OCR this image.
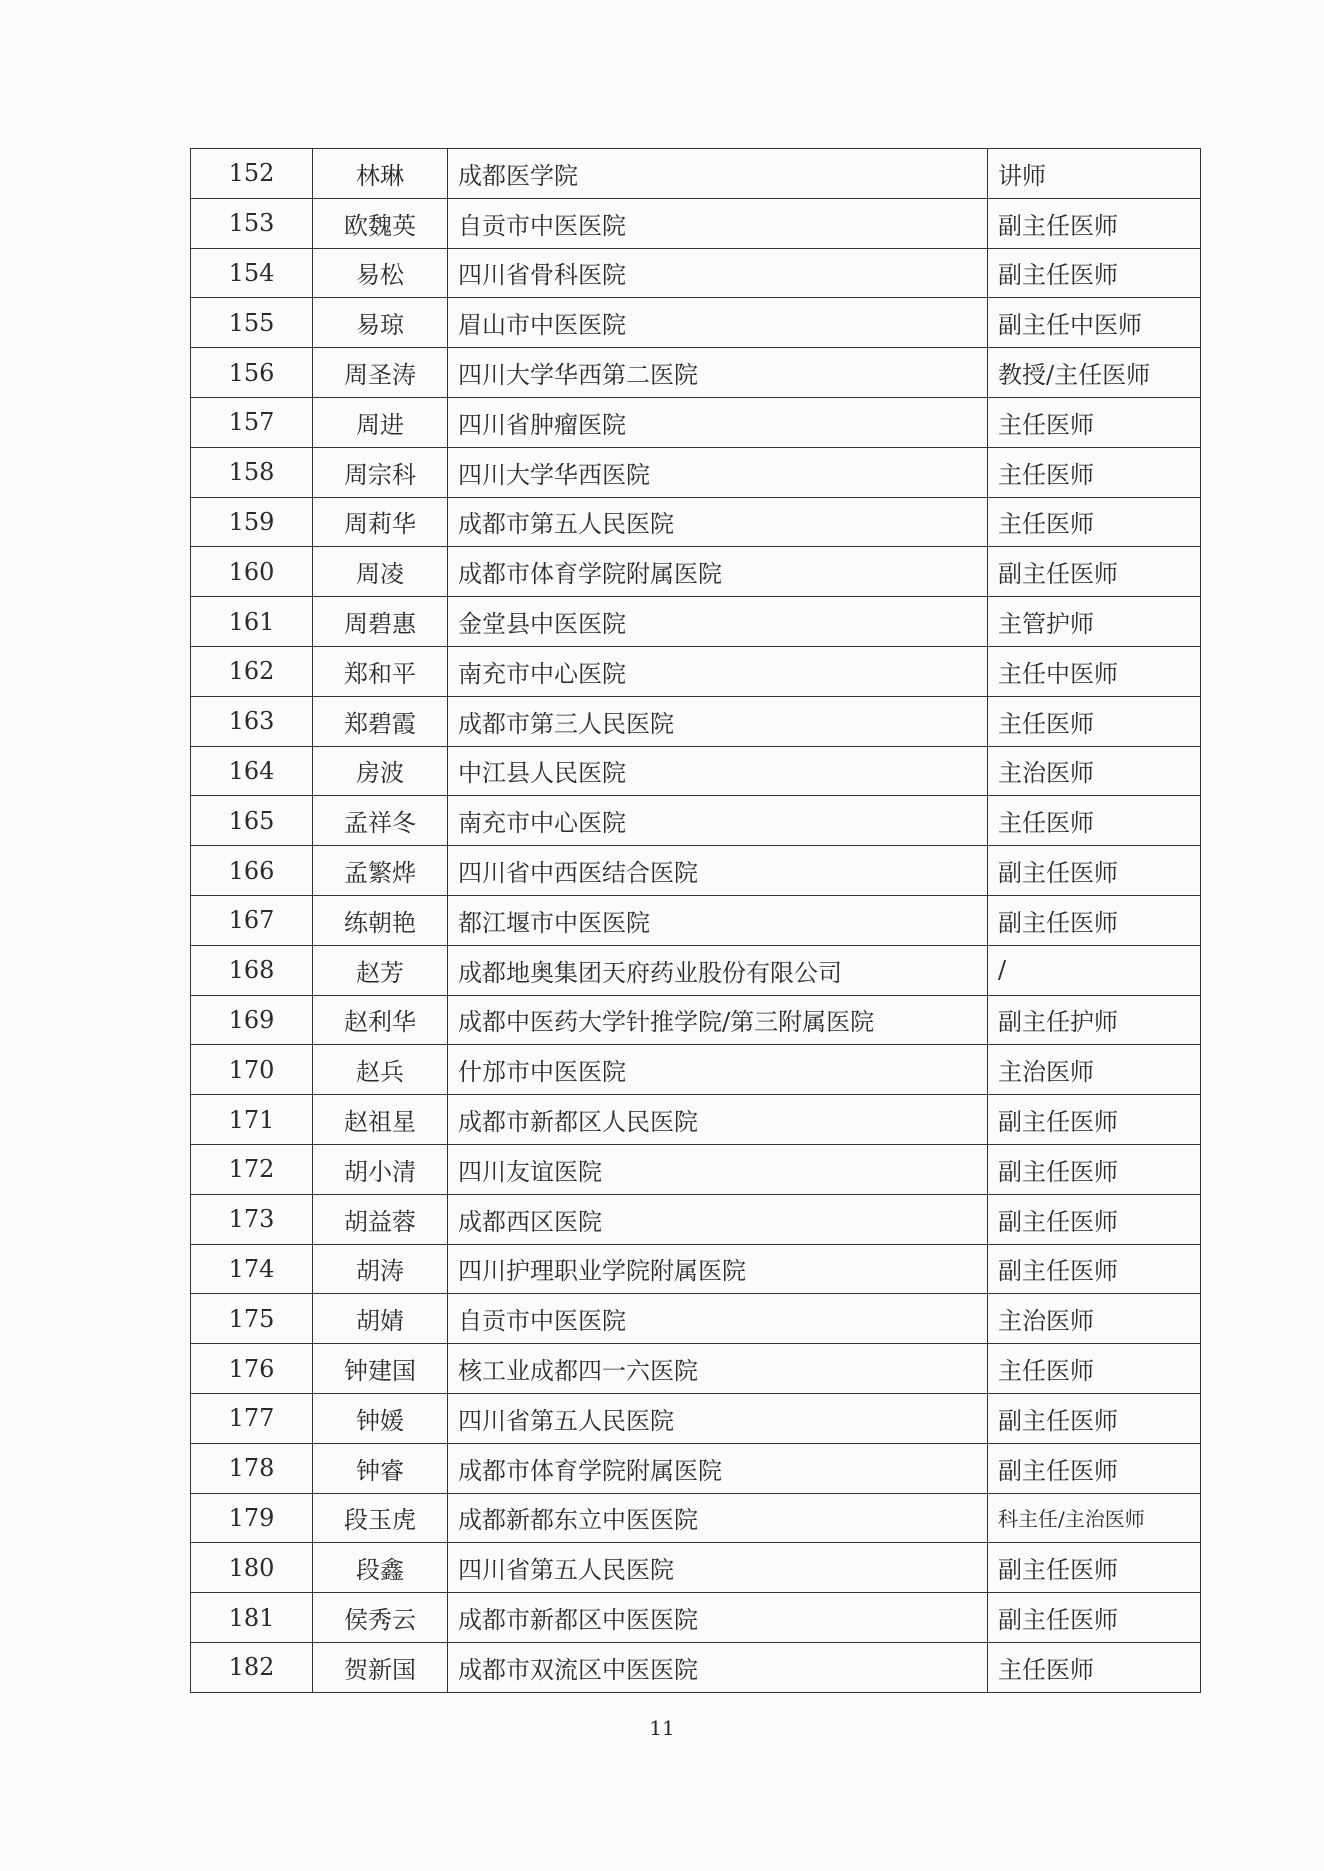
152	林琳	成都医学院	讲师
153	欧魏英	自贡市中医医院	副主任医师
154	易松	四川省骨科医院	副主任医师
155	易琼	眉山市中医医院	副主任中医师
156	周圣涛	四川大学华西第二医院	教授/主任医师
157	周进	四川省肿瘤医院	主任医师
158	周宗科	四川大学华西医院	主任医师
159	周莉华	成都市第五人民医院	主任医师
160	周凌	成都市体育学院附属医院	副主任医师
161	周碧惠	金堂县中医医院	主管护师
162	郑和平	南充市中心医院	主任中医师
163	郑碧霞	成都市第三人民医院	主任医师
164	房波	中江县人民医院	主治医师
165	孟祥冬	南充市中心医院	主任医师
166	孟繁烨	四川省中西医结合医院	副主任医师
167	练朝艳	都江堰市中医医院	副主任医师
168	赵芳	成都地奥集团天府药业股份有限公司	/
169	赵利华	成都中医药大学针推学院/第三附属医院	副主任护师
170	赵兵	什邡市中医医院	主治医师
171	赵祖星	成都市新都区人民医院	副主任医师
172	胡小清	四川友谊医院	副主任医师
173	胡益蓉	成都西区医院	副主任医师
174	胡涛	四川护理职业学院附属医院	副主任医师
175	胡婧	自贡市中医医院	主治医师
176	钟建国	核工业成都四一六医院	主任医师
177	钟媛	四川省第五人民医院	副主任医师
178	钟睿	成都市体育学院附属医院	副主任医师
179	段玉虎	成都新都东立中医医院	科主任/主治医师
180	段鑫	四川省第五人民医院	副主任医师
181	侯秀云	成都市新都区中医医院	副主任医师
182	贺新国	成都市双流区中医医院	主任医师
11
